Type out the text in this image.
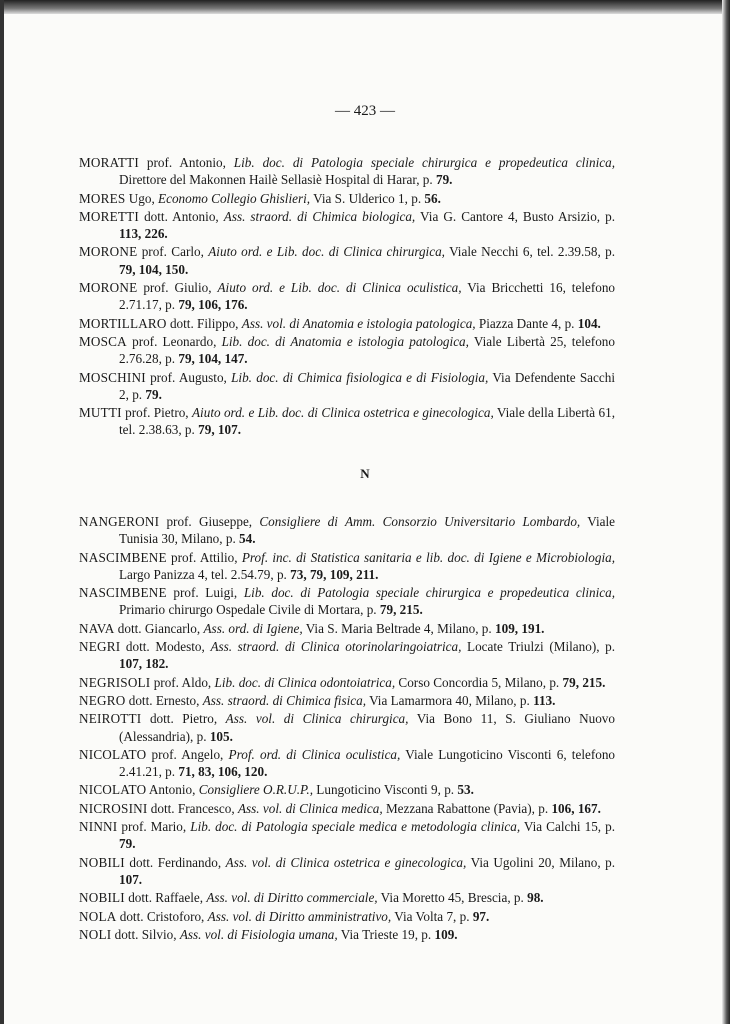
— 423 —

MORATTI prof. Antonio, Lib. doc. di Patologia speciale chirurgica e propedeutica clinica, Direttore del Makonnen Hailè Sellasiè Hospital di Harar, p. 79.

MORES Ugo, Economo Collegio Ghislieri, Via S. Ulderico 1, p. 56.

MORETTI dott. Antonio, Ass. straord. di Chimica biologica, Via G. Cantore 4, Busto Arsizio, p. 113, 226.

MORONE prof. Carlo, Aiuto ord. e Lib. doc. di Clinica chirurgica, Viale Necchi 6, tel. 2.39.58, p. 79, 104, 150.

MORONE prof. Giulio, Aiuto ord. e Lib. doc. di Clinica oculistica, Via Bricchetti 16, telefono 2.71.17, p. 79, 106, 176.

MORTILLARO dott. Filippo, Ass. vol. di Anatomia e istologia patologica, Piazza Dante 4, p. 104.

MOSCA prof. Leonardo, Lib. doc. di Anatomia e istologia patologica, Viale Libertà 25, telefono 2.76.28, p. 79, 104, 147.

MOSCHINI prof. Augusto, Lib. doc. di Chimica fisiologica e di Fisiologia, Via Defendente Sacchi 2, p. 79.

MUTTI prof. Pietro, Aiuto ord. e Lib. doc. di Clinica ostetrica e ginecologica, Viale della Libertà 61, tel. 2.38.63, p. 79, 107.

N

NANGERONI prof. Giuseppe, Consigliere di Amm. Consorzio Universitario Lombardo, Viale Tunisia 30, Milano, p. 54.

NASCIMBENE prof. Attilio, Prof. inc. di Statistica sanitaria e lib. doc. di Igiene e Microbiologia, Largo Panizza 4, tel. 2.54.79, p. 73, 79, 109, 211.

NASCIMBENE prof. Luigi, Lib. doc. di Patologia speciale chirurgica e propedeutica clinica, Primario chirurgo Ospedale Civile di Mortara, p. 79, 215.

NAVA dott. Giancarlo, Ass. ord. di Igiene, Via S. Maria Beltrade 4, Milano, p. 109, 191.

NEGRI dott. Modesto, Ass. straord. di Clinica otorinolaringoiatrica, Locate Triulzi (Milano), p. 107, 182.

NEGRISOLI prof. Aldo, Lib. doc. di Clinica odontoiatrica, Corso Concordia 5, Milano, p. 79, 215.

NEGRO dott. Ernesto, Ass. straord. di Chimica fisica, Via Lamarmora 40, Milano, p. 113.

NEIROTTI dott. Pietro, Ass. vol. di Clinica chirurgica, Via Bono 11, S. Giuliano Nuovo (Alessandria), p. 105.

NICOLATO prof. Angelo, Prof. ord. di Clinica oculistica, Viale Lungoticino Visconti 6, telefono 2.41.21, p. 71, 83, 106, 120.

NICOLATO Antonio, Consigliere O.R.U.P., Lungoticino Visconti 9, p. 53.

NICROSINI dott. Francesco, Ass. vol. di Clinica medica, Mezzana Rabattone (Pavia), p. 106, 167.

NINNI prof. Mario, Lib. doc. di Patologia speciale medica e metodologia clinica, Via Calchi 15, p. 79.

NOBILI dott. Ferdinando, Ass. vol. di Clinica ostetrica e ginecologica, Via Ugolini 20, Milano, p. 107.

NOBILI dott. Raffaele, Ass. vol. di Diritto commerciale, Via Moretto 45, Brescia, p. 98.

NOLA dott. Cristoforo, Ass. vol. di Diritto amministrativo, Via Volta 7, p. 97.

NOLI dott. Silvio, Ass. vol. di Fisiologia umana, Via Trieste 19, p. 109.
